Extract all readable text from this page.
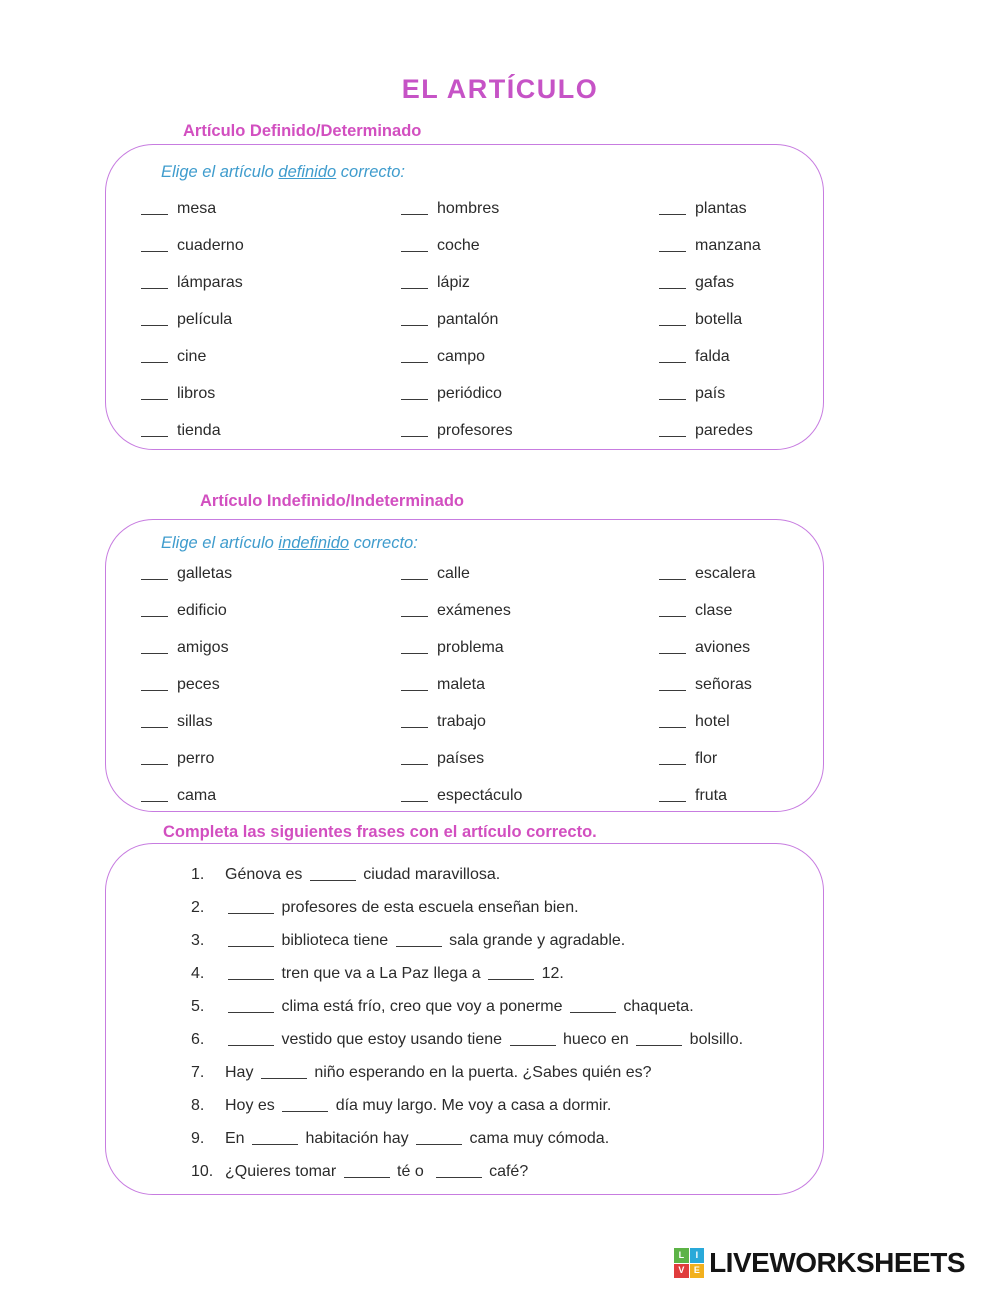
EL ARTÍCULO
Artículo Definido/Determinado
Elige el artículo definido correcto:
mesa	hombres	plantas
cuaderno	coche	manzana
lámparas	lápiz	gafas
película	pantalón	botella
cine	campo	falda
libros	periódico	país
tienda	profesores	paredes
Artículo Indefinido/Indeterminado
Elige el artículo indefinido correcto:
galletas	calle	escalera
edificio	exámenes	clase
amigos	problema	aviones
peces	maleta	señoras
sillas	trabajo	hotel
perro	países	flor
cama	espectáculo	fruta
Completa las siguientes frases con el artículo correcto.
1.	Génova es	ciudad maravillosa.
2.	profesores de esta escuela enseñan bien.
3.	biblioteca tiene	sala grande y agradable.
4.	tren que va a La Paz llega a	12.
5.	clima está frío, creo que voy a ponerme	chaqueta.
6.	vestido que estoy usando tiene	hueco en	bolsillo.
7.	Hay	niño esperando en la puerta. ¿Sabes quién es?
8.	Hoy es	día muy largo. Me voy a casa a dormir.
9.	En	habitación hay	cama muy cómoda.
10. ¿Quieres tomar	té o	café?
L	I
V	E LIVEWORKSHEETS
